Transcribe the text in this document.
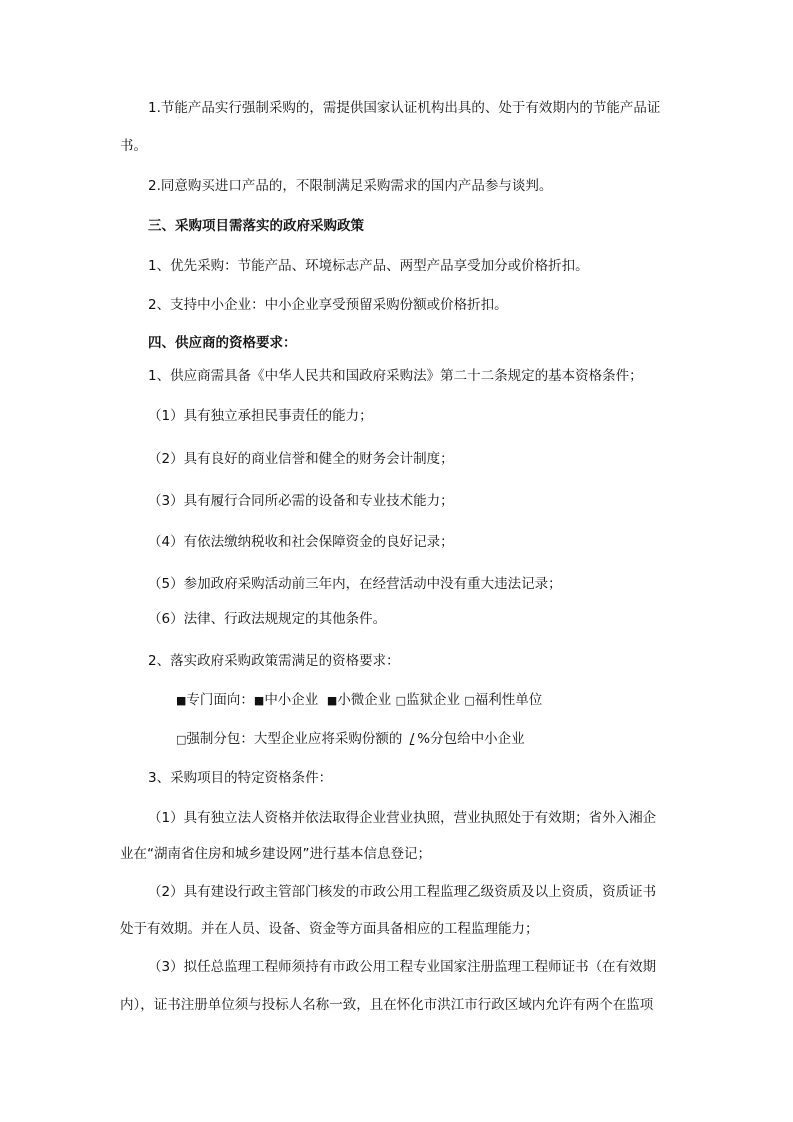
1.节能产品实行强制采购的，需提供国家认证机构出具的、处于有效期内的节能产品证
书。
2.同意购买进口产品的，不限制满足采购需求的国内产品参与谈判。
三、采购项目需落实的政府采购政策
1、优先采购：节能产品、环境标志产品、两型产品享受加分或价格折扣。
2、支持中小企业：中小企业享受预留采购份额或价格折扣。
四、供应商的资格要求：
1、供应商需具备《中华人民共和国政府采购法》第二十二条规定的基本资格条件；
（1）具有独立承担民事责任的能力；
（2）具有良好的商业信誉和健全的财务会计制度；
（3）具有履行合同所必需的设备和专业技术能力；
（4）有依法缴纳税收和社会保障资金的良好记录；
（5）参加政府采购活动前三年内，在经营活动中没有重大违法记录；
（6）法律、行政法规规定的其他条件。
2、落实政府采购政策需满足的资格要求：
■专门面向：■中小企业 ■小微企业 □监狱企业 □福利性单位
□强制分包：大型企业应将采购份额的 / %分包给中小企业
3、采购项目的特定资格条件：
（1）具有独立法人资格并依法取得企业营业执照，营业执照处于有效期；省外入湘企
业在“湖南省住房和城乡建设网”进行基本信息登记；
（2）具有建设行政主管部门核发的市政公用工程监理乙级资质及以上资质，资质证书
处于有效期。并在人员、设备、资金等方面具备相应的工程监理能力；
（3）拟任总监理工程师须持有市政公用工程专业国家注册监理工程师证书（在有效期
内），证书注册单位须与投标人名称一致，且在怀化市洪江市行政区域内允许有两个在监项
